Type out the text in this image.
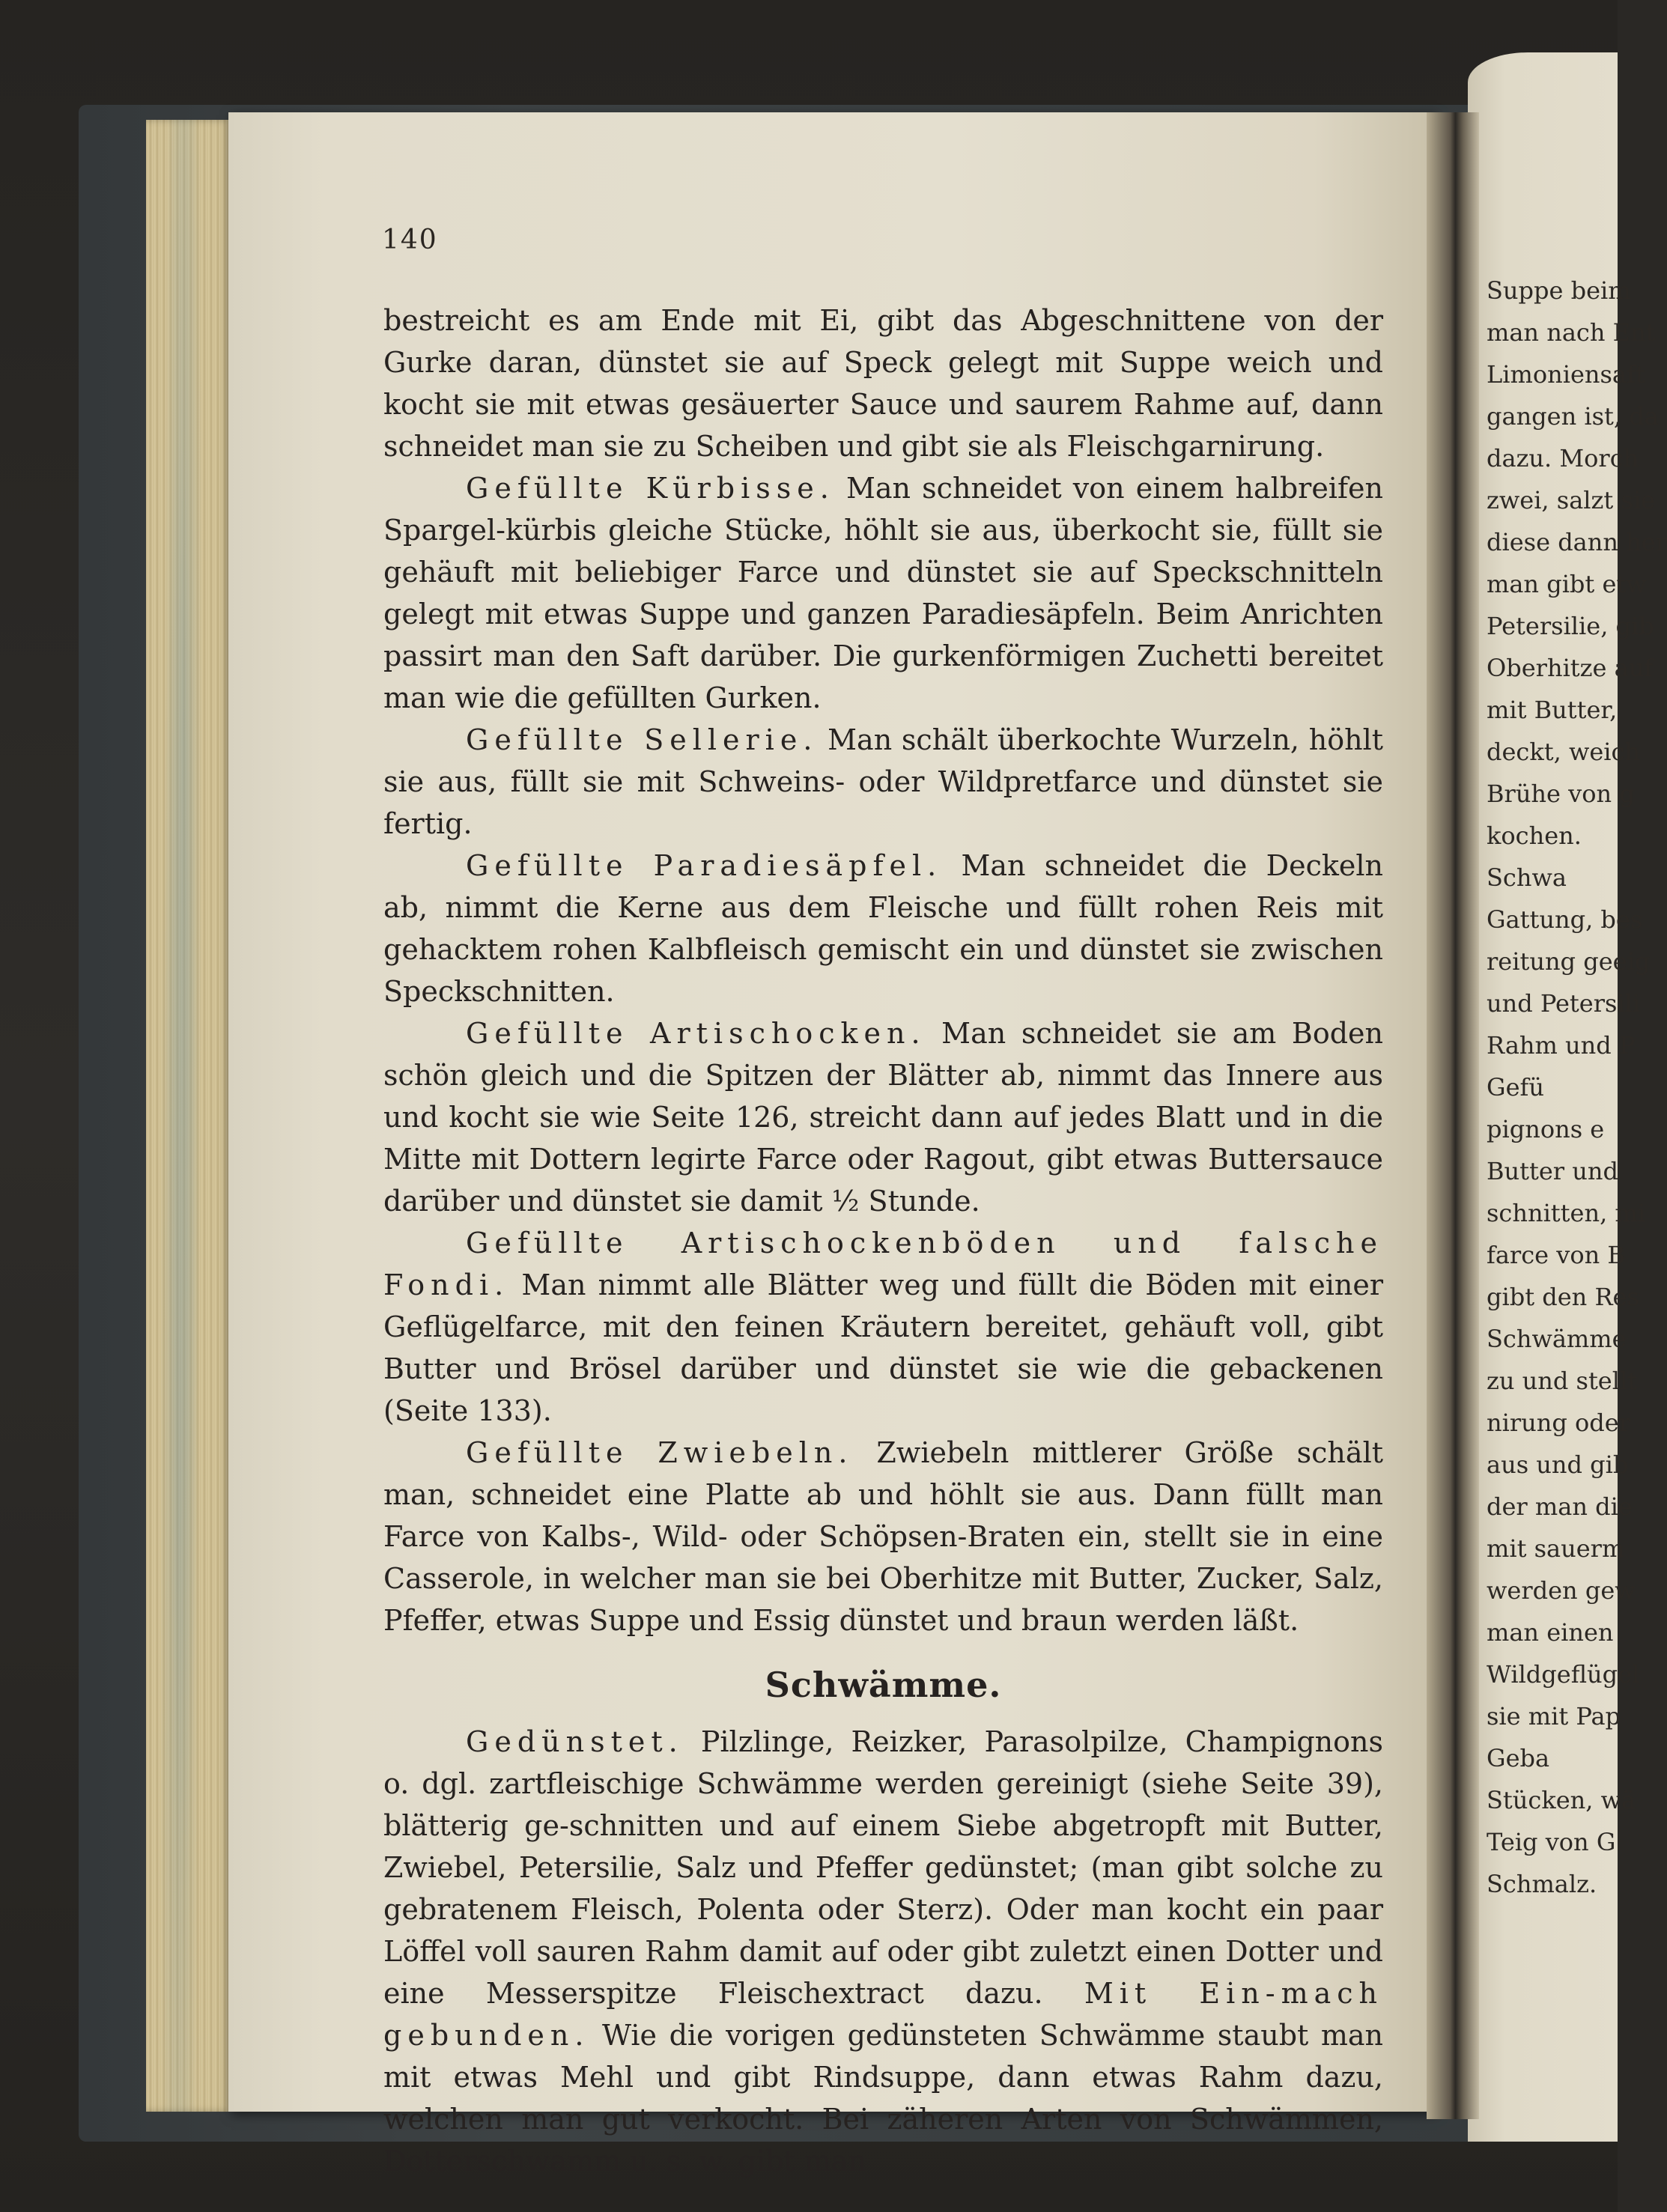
140

bestreicht es am Ende mit Ei, gibt das Abgeschnittene von der Gurke daran, dünstet sie auf Speck gelegt mit Suppe weich und kocht sie mit etwas gesäuerter Sauce und saurem Rahme auf, dann schneidet man sie zu Scheiben und gibt sie als Fleischgarnirung.

Gefüllte Kürbisse. Man schneidet von einem halbreifen Spargel-kürbis gleiche Stücke, höhlt sie aus, überkocht sie, füllt sie gehäuft mit beliebiger Farce und dünstet sie auf Speckschnitteln gelegt mit etwas Suppe und ganzen Paradiesäpfeln. Beim Anrichten passirt man den Saft darüber. Die gurkenförmigen Zuchetti bereitet man wie die gefüllten Gurken.

Gefüllte Sellerie. Man schält überkochte Wurzeln, höhlt sie aus, füllt sie mit Schweins- oder Wildpretfarce und dünstet sie fertig.

Gefüllte Paradiesäpfel. Man schneidet die Deckeln ab, nimmt die Kerne aus dem Fleische und füllt rohen Reis mit gehacktem rohen Kalbfleisch gemischt ein und dünstet sie zwischen Speckschnitten.

Gefüllte Artischocken. Man schneidet sie am Boden schön gleich und die Spitzen der Blätter ab, nimmt das Innere aus und kocht sie wie Seite 126, streicht dann auf jedes Blatt und in die Mitte mit Dottern legirte Farce oder Ragout, gibt etwas Buttersauce darüber und dünstet sie damit ½ Stunde.

Gefüllte Artischockenböden und falsche Fondi. Man nimmt alle Blätter weg und füllt die Böden mit einer Geflügelfarce, mit den feinen Kräutern bereitet, gehäuft voll, gibt Butter und Brösel darüber und dünstet sie wie die gebackenen (Seite 133).

Gefüllte Zwiebeln. Zwiebeln mittlerer Größe schält man, schneidet eine Platte ab und höhlt sie aus. Dann füllt man Farce von Kalbs-, Wild- oder Schöpsen-Braten ein, stellt sie in eine Casserole, in welcher man sie bei Oberhitze mit Butter, Zucker, Salz, Pfeffer, etwas Suppe und Essig dünstet und braun werden läßt.

Schwämme.

Gedünstet. Pilzlinge, Reizker, Parasolpilze, Champignons o. dgl. zartfleischige Schwämme werden gereinigt (siehe Seite 39), blätterig ge-schnitten und auf einem Siebe abgetropft mit Butter, Zwiebel, Petersilie, Salz und Pfeffer gedünstet; (man gibt solche zu gebratenem Fleisch, Polenta oder Sterz). Oder man kocht ein paar Löffel voll sauren Rahm damit auf oder gibt zuletzt einen Dotter und eine Messerspitze Fleischextract dazu. Mit Ein-mach gebunden. Wie die vorigen gedünsteten Schwämme staubt man mit etwas Mehl und gibt Rindsuppe, dann etwas Rahm dazu, welchen man gut verkocht. Bei zäheren Arten von Schwämmen, Dotterschwamm u. s. w. gibt man

Suppe beim
man nach Ent
Limoniensaft
gangen ist, da
dazu. Morch
zwei, salzt sie
diese dann her
man gibt etw
Petersilie, gib
Oberhitze auf
mit Butter,
deckt, weich
Brühe von g
kochen.
Schwa
Gattung, bes
reitung geeig
und Petersili
Rahm und P
Gefü
pignons e
Butter und
schnitten, mi
farce von B
gibt den Res
Schwämme
zu und stellt
nirung oder
aus und gib
der man die
mit sauerm
werden gew
man einen
Wildgeflügel
sie mit Pap
Geba
Stücken, wä
Teig von G
Schmalz.
